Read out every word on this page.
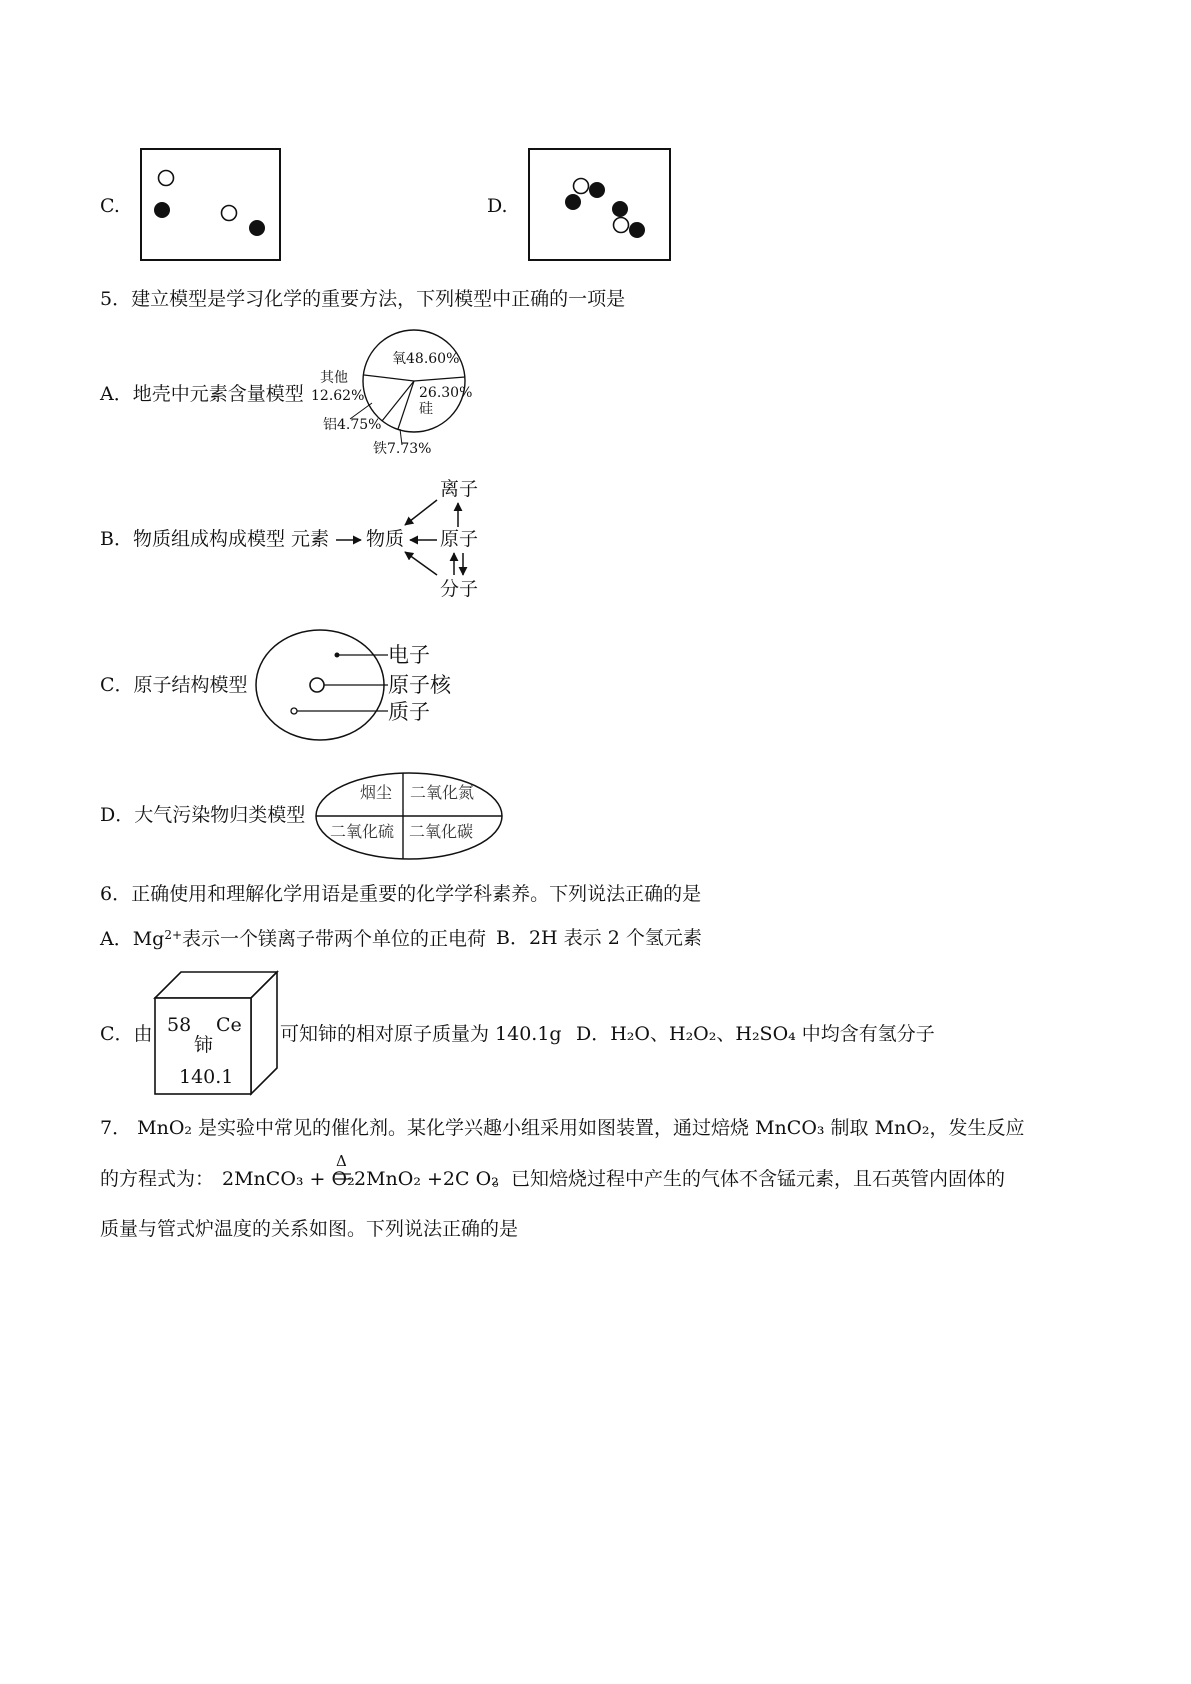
C.	D.
5．建立模型是学习化学的重要方法，下列模型中正确的一项是
A．地壳中元素含量模型
氧48.60%
26.30%
硅
其他
12.62%
铝4.75%
铁7.73%
B．物质组成构成模型 元素 物质
离子
原子
分子
C．原子结构模型
电子
原子核
质子
D．大气污染物归类模型
烟尘 二氧化氮
二氧化硫 二氧化碳
6．正确使用和理解化学用语是重要的化学学科素养。下列说法正确的是
A．$Mg^{2+}$表示一个镁离子带两个单位的正电荷 B．2H 表示 2 个氢元素
C．由 58 Ce
铈
140.1
可知铈的相对原子质量为 140.1g D．H₂O、H₂O₂、H₂SO₄ 中均含有氢分子
7． MnO₂ 是实验中常见的催化剂。某化学兴趣小组采用如图装置，通过焙烧 MnCO₃ 制取 MnO₂，发生反应
的方程式为： 2MnCO₃ + O₂
Δ
2MnO₂ +2C O₂
。已知焙烧过程中产生的气体不含锰元素，且石英管内固体的
质量与管式炉温度的关系如图。下列说法正确的是
